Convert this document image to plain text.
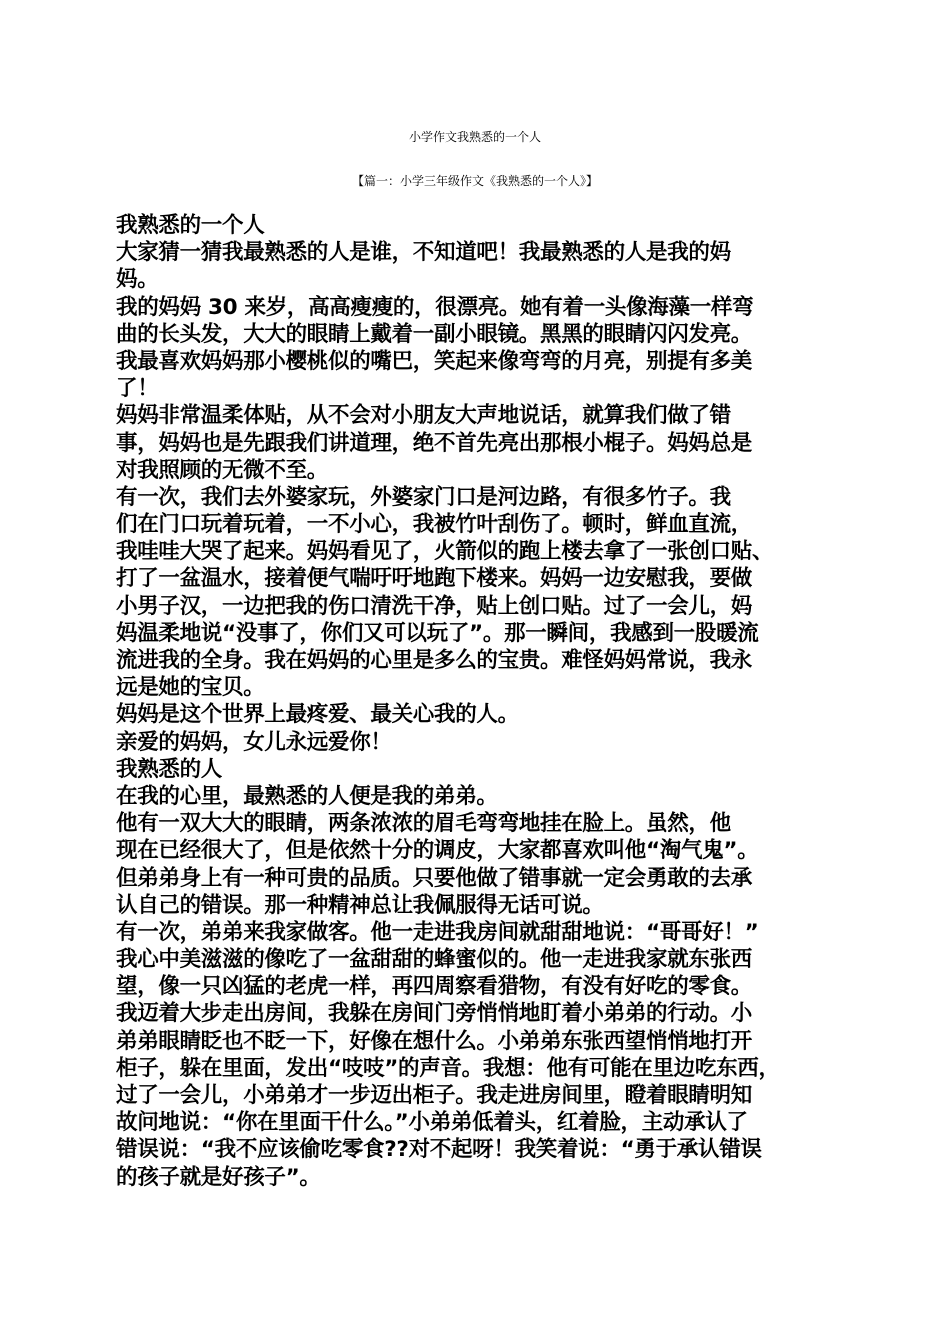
小学作文我熟悉的一个人
【篇一：小学三年级作文《我熟悉的一个人》】

我熟悉的一个人

大家猜一猜我最熟悉的人是谁，不知道吧！我最熟悉的人是我的妈

妈。

我的妈妈 30 来岁，高高瘦瘦的，很漂亮。她有着一头像海藻一样弯

曲的长头发，大大的眼睛上戴着一副小眼镜。黑黑的眼睛闪闪发亮。

我最喜欢妈妈那小樱桃似的嘴巴，笑起来像弯弯的月亮，别提有多美

了！

妈妈非常温柔体贴，从不会对小朋友大声地说话，就算我们做了错

事，妈妈也是先跟我们讲道理，绝不首先亮出那根小棍子。妈妈总是

对我照顾的无微不至。

有一次，我们去外婆家玩，外婆家门口是河边路，有很多竹子。我

们在门口玩着玩着，一不小心，我被竹叶刮伤了。顿时，鲜血直流，

我哇哇大哭了起来。妈妈看见了，火箭似的跑上楼去拿了一张创口贴、

打了一盆温水，接着便气喘吁吁地跑下楼来。妈妈一边安慰我，要做

小男子汉，一边把我的伤口清洗干净，贴上创口贴。过了一会儿，妈

妈温柔地说“没事了，你们又可以玩了”。那一瞬间，我感到一股暖流

流进我的全身。我在妈妈的心里是多么的宝贵。难怪妈妈常说，我永

远是她的宝贝。

妈妈是这个世界上最疼爱、最关心我的人。

亲爱的妈妈，女儿永远爱你！

我熟悉的人

在我的心里，最熟悉的人便是我的弟弟。

他有一双大大的眼睛，两条浓浓的眉毛弯弯地挂在脸上。虽然，他

现在已经很大了，但是依然十分的调皮，大家都喜欢叫他“淘气鬼”。

但弟弟身上有一种可贵的品质。只要他做了错事就一定会勇敢的去承

认自己的错误。那一种精神总让我佩服得无话可说。

有一次，弟弟来我家做客。他一走进我房间就甜甜地说：“哥哥好！”

我心中美滋滋的像吃了一盆甜甜的蜂蜜似的。他一走进我家就东张西

望，像一只凶猛的老虎一样，再四周察看猎物，有没有好吃的零食。

我迈着大步走出房间，我躲在房间门旁悄悄地盯着小弟弟的行动。小

弟弟眼睛眨也不眨一下，好像在想什么。小弟弟东张西望悄悄地打开

柜子，躲在里面，发出“吱吱”的声音。我想：他有可能在里边吃东西，

过了一会儿，小弟弟才一步迈出柜子。我走进房间里，瞪着眼睛明知

故问地说：“你在里面干什么。”小弟弟低着头，红着脸，主动承认了

错误说：“我不应该偷吃零食??对不起呀！我笑着说：“勇于承认错误

的孩子就是好孩子”。
